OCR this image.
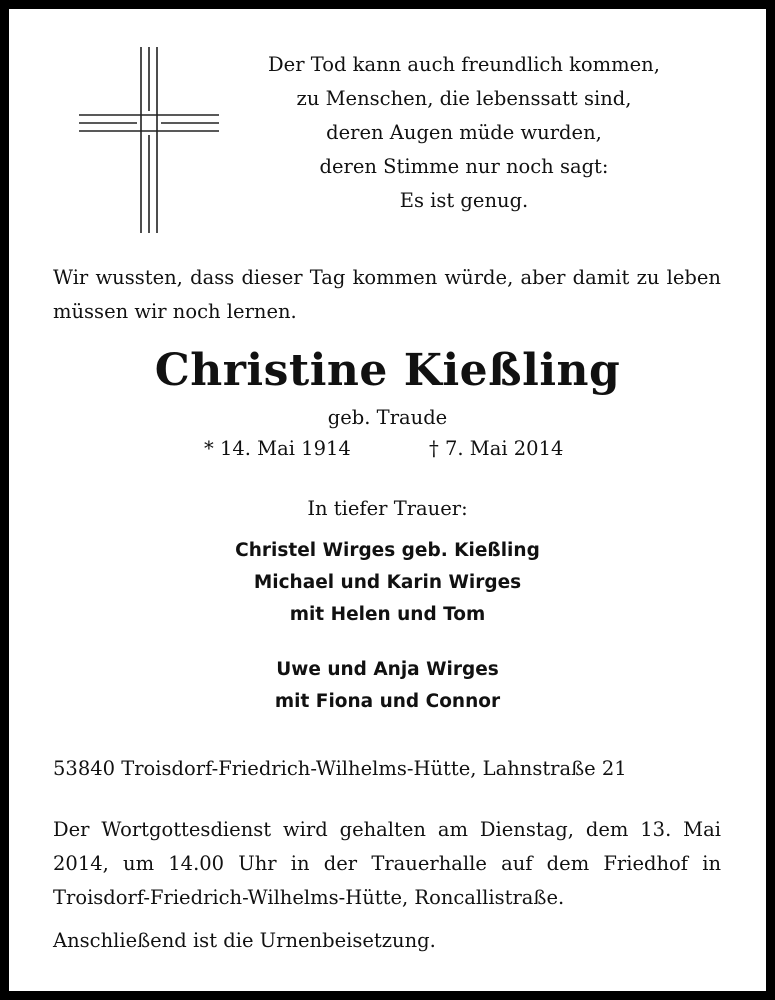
Der Tod kann auch freundlich kommen,
zu Menschen, die lebenssatt sind,
deren Augen müde wurden,
deren Stimme nur noch sagt:
Es ist genug.
Wir wussten, dass dieser Tag kommen würde, aber damit zu leben müssen wir noch lernen.
Christine Kießling
geb. Traude
* 14. Mai 1914	† 7. Mai 2014
In tiefer Trauer:
Christel Wirges geb. Kießling
Michael und Karin Wirges
mit Helen und Tom
Uwe und Anja Wirges
mit Fiona und Connor
53840 Troisdorf-Friedrich-Wilhelms-Hütte, Lahnstraße 21
Der Wortgottesdienst wird gehalten am Dienstag, dem 13. Mai 2014, um 14.00 Uhr in der Trauerhalle auf dem Friedhof in Troisdorf-Friedrich-Wilhelms-Hütte, Roncallistraße.
Anschließend ist die Urnenbeisetzung.
